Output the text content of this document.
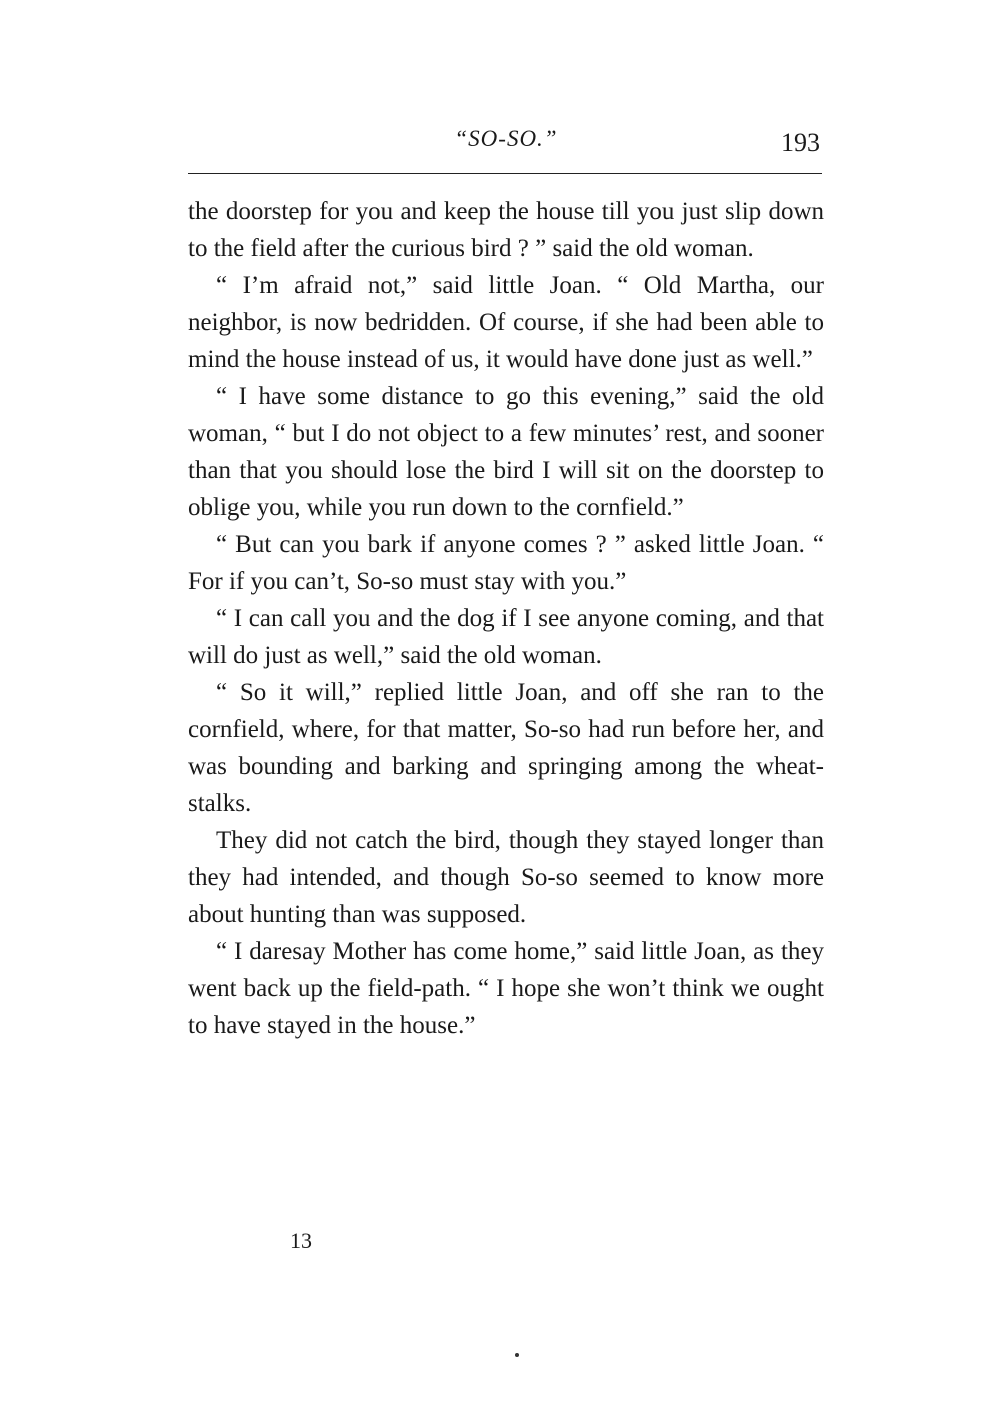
“SO-SO.”	193

the doorstep for you and keep the house till you just slip down to the field after the curious bird ? ” said the old woman.

“ I’m afraid not,” said little Joan. “ Old Martha, our neighbor, is now bedridden. Of course, if she had been able to mind the house instead of us, it would have done just as well.”

“ I have some distance to go this evening,” said the old woman, “ but I do not object to a few minutes’ rest, and sooner than that you should lose the bird I will sit on the doorstep to oblige you, while you run down to the cornfield.”

“ But can you bark if anyone comes ? ” asked little Joan. “ For if you can’t, So-so must stay with you.”

“ I can call you and the dog if I see anyone coming, and that will do just as well,” said the old woman.

“ So it will,” replied little Joan, and off she ran to the cornfield, where, for that matter, So-so had run before her, and was bounding and barking and springing among the wheat-stalks.

They did not catch the bird, though they stayed longer than they had intended, and though So-so seemed to know more about hunting than was supposed.

“ I daresay Mother has come home,” said little Joan, as they went back up the field-path. “ I hope she won’t think we ought to have stayed in the house.”

13
